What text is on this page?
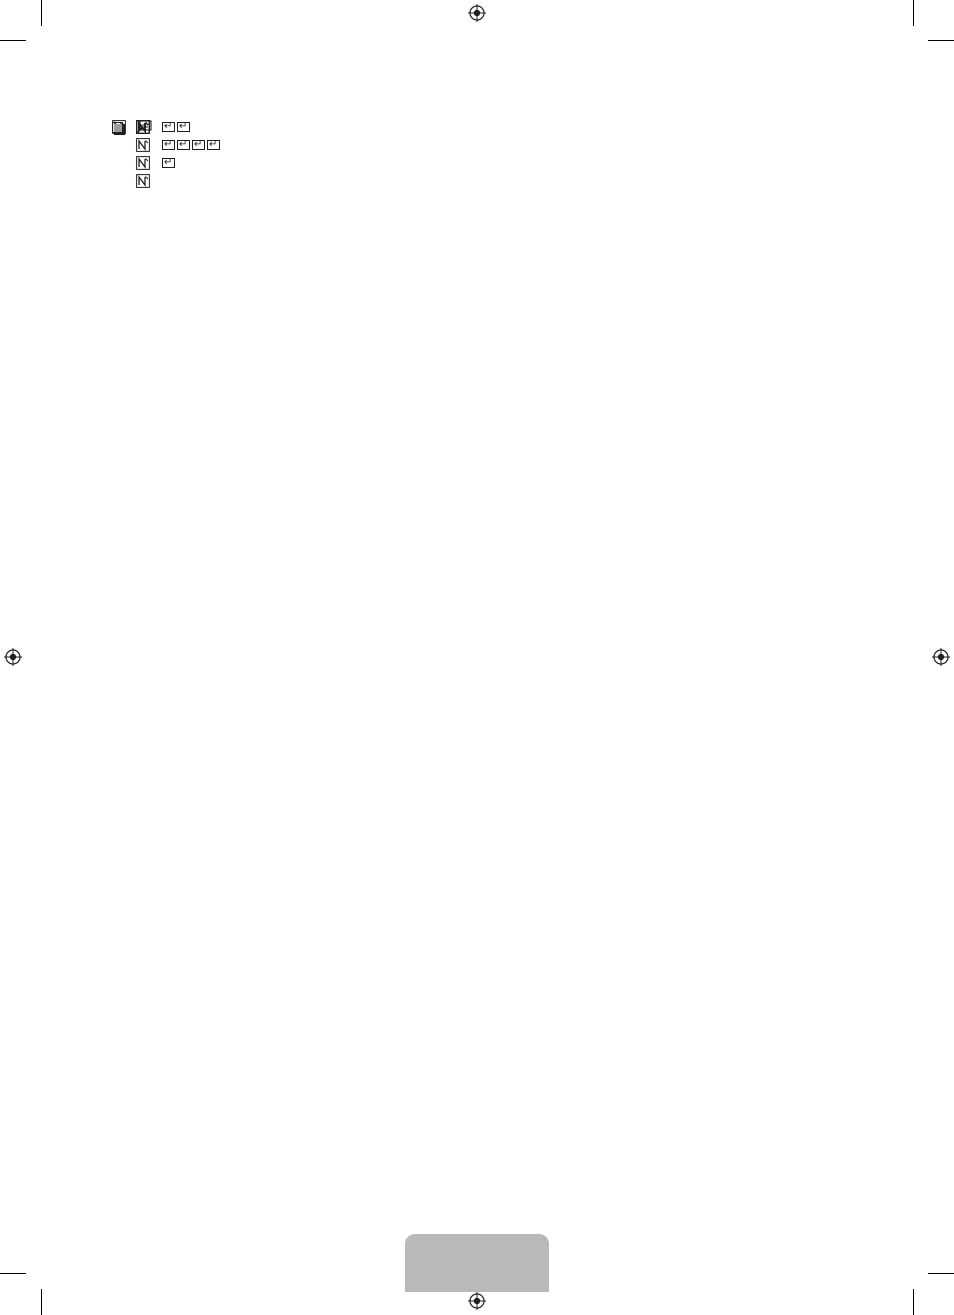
↵↵
↵↵↵↵
↵
